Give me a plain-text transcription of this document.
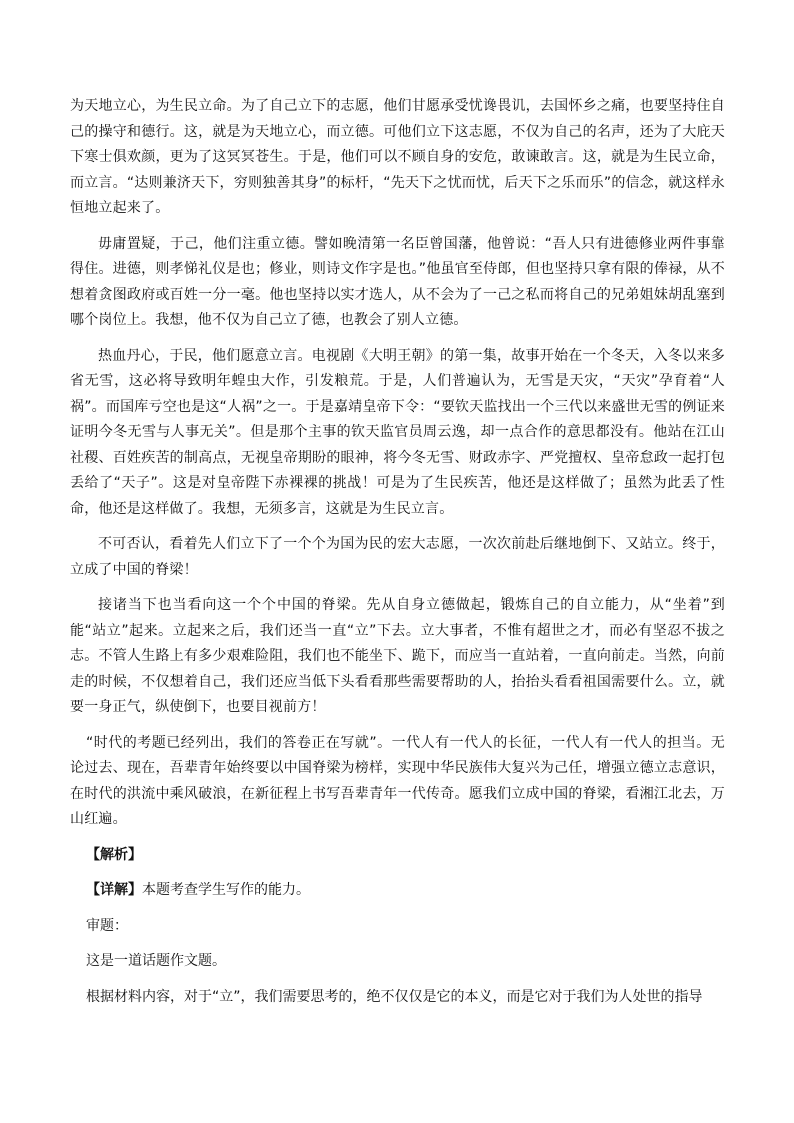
为天地立心，为生民立命。为了自己立下的志愿，他们甘愿承受忧谗畏讥，去国怀乡之痛，也要坚持住自己的操守和德行。这，就是为天地立心，而立德。可他们立下这志愿，不仅为自己的名声，还为了大庇天下寒士俱欢颜，更为了这冥冥苍生。于是，他们可以不顾自身的安危，敢谏敢言。这，就是为生民立命，而立言。“达则兼济天下，穷则独善其身”的标杆，“先天下之忧而忧，后天下之乐而乐”的信念，就这样永恒地立起来了。

毋庸置疑，于己，他们注重立德。譬如晚清第一名臣曾国藩，他曾说：“吾人只有进德修业两件事靠得住。进德，则孝悌礼仪是也；修业，则诗文作字是也。”他虽官至侍郎，但也坚持只拿有限的俸禄，从不想着贪图政府或百姓一分一毫。他也坚持以实才选人，从不会为了一己之私而将自己的兄弟姐妹胡乱塞到哪个岗位上。我想，他不仅为自己立了德，也教会了别人立德。

热血丹心，于民，他们愿意立言。电视剧《大明王朝》的第一集，故事开始在一个冬天，入冬以来多省无雪，这必将导致明年蝗虫大作，引发粮荒。于是，人们普遍认为，无雪是天灾，“天灾”孕育着“人祸”。而国库亏空也是这“人祸”之一。于是嘉靖皇帝下令：“要钦天监找出一个三代以来盛世无雪的例证来证明今冬无雪与人事无关”。但是那个主事的钦天监官员周云逸，却一点合作的意思都没有。他站在江山社稷、百姓疾苦的制高点，无视皇帝期盼的眼神，将今冬无雪、财政赤字、严党擅权、皇帝怠政一起打包丢给了“天子”。这是对皇帝陛下赤裸裸的挑战！可是为了生民疾苦，他还是这样做了；虽然为此丢了性命，他还是这样做了。我想，无须多言，这就是为生民立言。

不可否认，看着先人们立下了一个个为国为民的宏大志愿，一次次前赴后继地倒下、又站立。终于，立成了中国的脊梁！

接诸当下也当看向这一个个中国的脊梁。先从自身立德做起，锻炼自己的自立能力，从“坐着”到能“站立”起来。立起来之后，我们还当一直“立”下去。立大事者，不惟有超世之才，而必有坚忍不拔之志。不管人生路上有多少艰难险阻，我们也不能坐下、跪下，而应当一直站着，一直向前走。当然，向前走的时候，不仅想着自己，我们还应当低下头看看那些需要帮助的人，抬抬头看看祖国需要什么。立，就要一身正气，纵使倒下，也要目视前方！

“时代的考题已经列出，我们的答卷正在写就”。一代人有一代人的长征，一代人有一代人的担当。无论过去、现在，吾辈青年始终要以中国脊梁为榜样，实现中华民族伟大复兴为己任，增强立德立志意识，在时代的洪流中乘风破浪，在新征程上书写吾辈青年一代传奇。愿我们立成中国的脊梁，看湘江北去，万山红遍。

【解析】

【详解】本题考查学生写作的能力。

审题：

这是一道话题作文题。

根据材料内容，对于“立”，我们需要思考的，绝不仅仅是它的本义，而是它对于我们为人处世的指导
